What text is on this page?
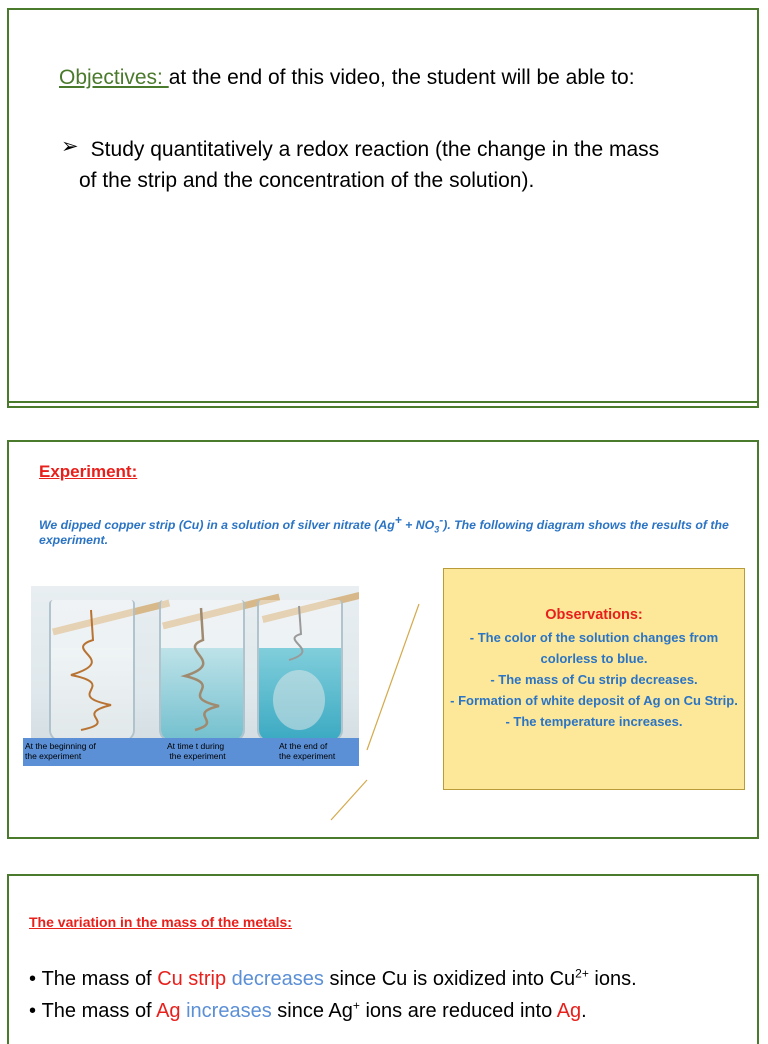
Objectives: at the end of this video, the student will be able to:
➢ Study quantitatively a redox reaction (the change in the mass of the strip and the concentration of the solution).
Experiment:
We dipped copper strip (Cu) in a solution of silver nitrate $(Ag^+ + NO_3^-)$. The following diagram shows the results of the experiment.
At the beginning of
the experiment
At time t during
the experiment
At the end of
the experiment
Observations:
- The color of the solution changes from colorless to blue.
- The mass of Cu strip decreases.
- Formation of white deposit of Ag on Cu Strip.
- The temperature increases.
The variation in the mass of the metals:
• The mass of Cu strip decreases since Cu is oxidized into $Cu^{2+}$ ions.
• The mass of Ag increases since Ag+ ions are reduced into Ag.
